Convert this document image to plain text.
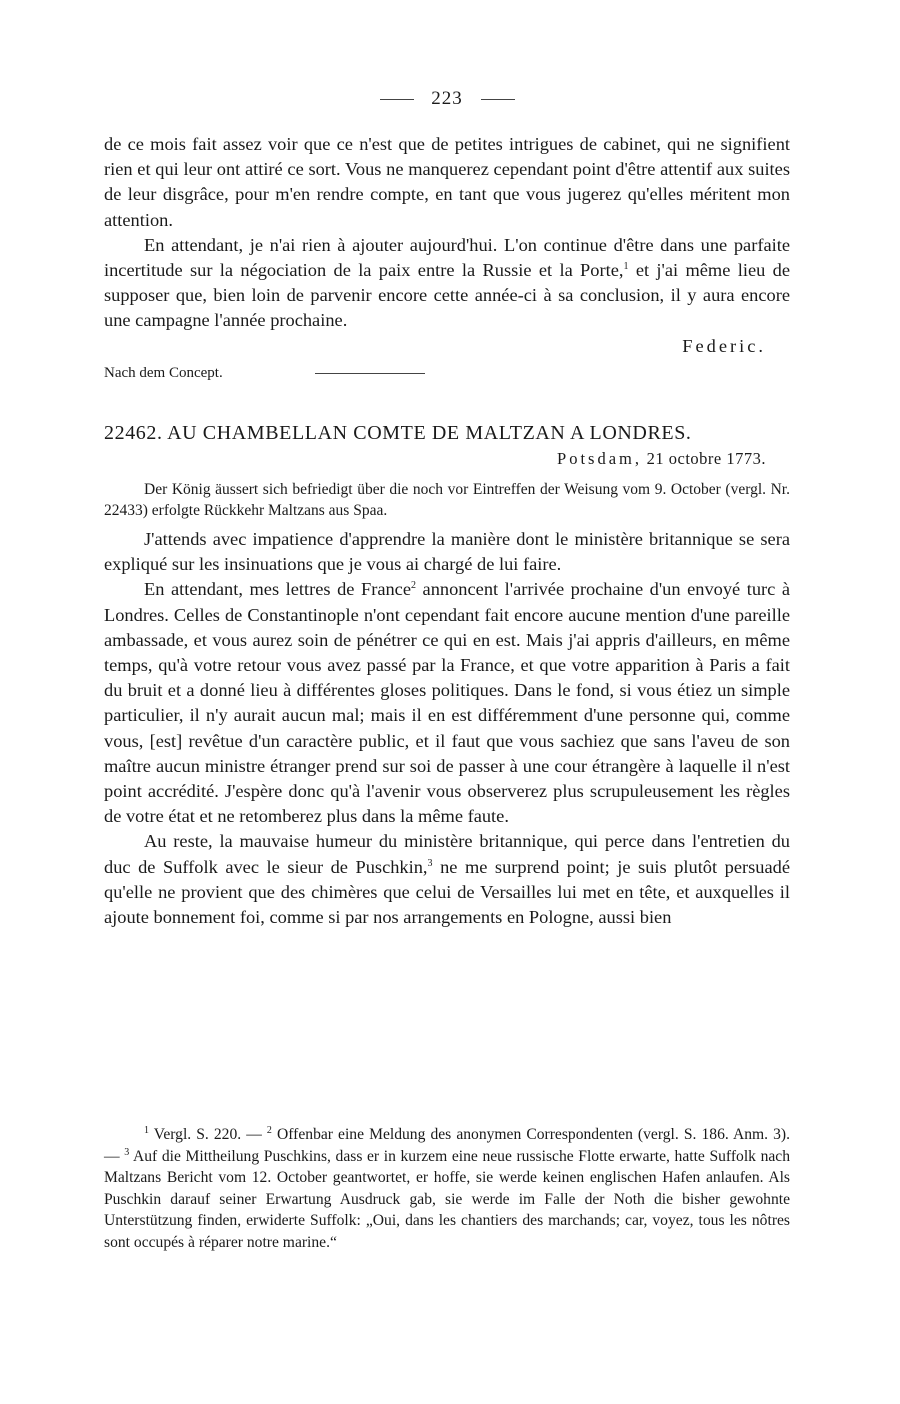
223

de ce mois fait assez voir que ce n'est que de petites intrigues de cabinet, qui ne signifient rien et qui leur ont attiré ce sort. Vous ne manquerez cependant point d'être attentif aux suites de leur disgrâce, pour m'en rendre compte, en tant que vous jugerez qu'elles méritent mon attention.

En attendant, je n'ai rien à ajouter aujourd'hui. L'on continue d'être dans une parfaite incertitude sur la négociation de la paix entre la Russie et la Porte,$^1$ et j'ai même lieu de supposer que, bien loin de parvenir encore cette année-ci à sa conclusion, il y aura encore une campagne l'année prochaine.

Federic.
Nach dem Concept.
22462. AU CHAMBELLAN COMTE DE MALTZAN A LONDRES.
Potsdam, 21 octobre 1773.
Der König äussert sich befriedigt über die noch vor Eintreffen der Weisung vom 9. October (vergl. Nr. 22433) erfolgte Rückkehr Maltzans aus Spaa.

J'attends avec impatience d'apprendre la manière dont le ministère britannique se sera expliqué sur les insinuations que je vous ai chargé de lui faire.

En attendant, mes lettres de France$^2$ annoncent l'arrivée prochaine d'un envoyé turc à Londres. Celles de Constantinople n'ont cependant fait encore aucune mention d'une pareille ambassade, et vous aurez soin de pénétrer ce qui en est. Mais j'ai appris d'ailleurs, en même temps, qu'à votre retour vous avez passé par la France, et que votre apparition à Paris a fait du bruit et a donné lieu à différentes gloses politiques. Dans le fond, si vous étiez un simple particulier, il n'y aurait aucun mal; mais il en est différemment d'une personne qui, comme vous, [est] revêtue d'un caractère public, et il faut que vous sachiez que sans l'aveu de son maître aucun ministre étranger prend sur soi de passer à une cour étrangère à laquelle il n'est point accrédité. J'espère donc qu'à l'avenir vous observerez plus scrupuleusement les règles de votre état et ne retomberez plus dans la même faute.

Au reste, la mauvaise humeur du ministère britannique, qui perce dans l'entretien du duc de Suffolk avec le sieur de Puschkin,$^3$ ne me surprend point; je suis plutôt persuadé qu'elle ne provient que des chimères que celui de Versailles lui met en tête, et auxquelles il ajoute bonnement foi, comme si par nos arrangements en Pologne, aussi bien

$^1$ Vergl. S. 220. — $^2$ Offenbar eine Meldung des anonymen Correspondenten (vergl. S. 186. Anm. 3). — $^3$ Auf die Mittheilung Puschkins, dass er in kurzem eine neue russische Flotte erwarte, hatte Suffolk nach Maltzans Bericht vom 12. October geantwortet, er hoffe, sie werde keinen englischen Hafen anlaufen. Als Puschkin darauf seiner Erwartung Ausdruck gab, sie werde im Falle der Noth die bisher gewohnte Unterstützung finden, erwiderte Suffolk: „Oui, dans les chantiers des marchands; car, voyez, tous les nôtres sont occupés à réparer notre marine.“
